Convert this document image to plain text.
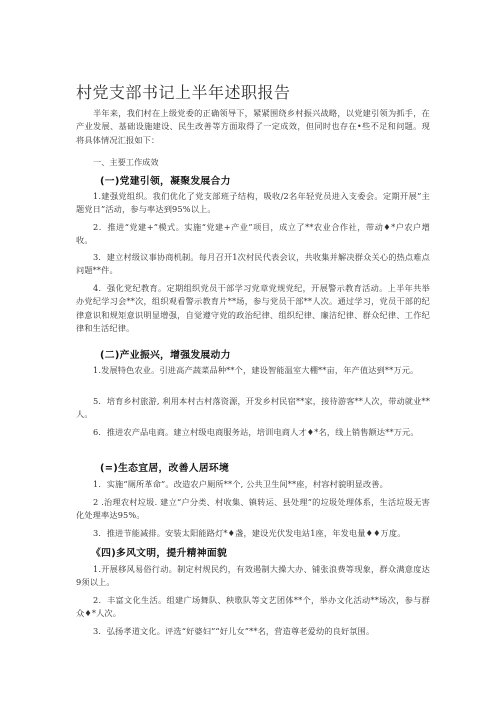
村党支部书记上半年述职报告
半年来，我们村在上级党委的正确领导下，紧紧围绕乡村振兴战略，以党建引领为抓手，在产业发展、基础设施建设、民生改善等方面取得了一定成效，但同时也存在•些不足和问题。现将具体情况汇报如下：
一、主要工作成效
(一)党建引领，凝聚发展合力
1.建强党组织。我们优化了党支部班子结构，吸收/2名年轻党员进入支委会。定期开展”主题党日”活动，参与率达到95%以上。
2．推进“党建+”模式。实施“党建+产业”项目，成立了**农业合作社，带动♦*户农户增收。
3．建立村级议事协商机制。每月召开1次村民代表会议，共收集并解决群众关心的热点难点问题**件。
4．强化党纪教育。定期组织党员干部学习党章党规党纪，开展警示教育活动。上半年共举办党纪学习会**次，组织观看警示教育片**场，参与党员干部**人次。通过学习，党员干部的纪律意识和规矩意识明显增强，自觉遵守党的政治纪律、组织纪律、廉洁纪律、群众纪律、工作纪律和生活纪律。
(二)产业振兴，增强发展动力
1.发展特色农业。引进高产蔬菜品种**个，建设智能温室大棚**亩，年产值达到**万元。
5．培育乡村旅游, 利用本村古村落资源，开发乡村民宿**家，接待游客**人次，带动就业**人。
6．推进农产品电商。建立村级电商服务站，培训电商人才♦*名，线上销售额达**万元。
(=)生态宜居，改善人居环境
1．实施“厕所革命”。改造农户厕所**个, 公共卫生间**座，村容村貌明显改善。
2 .治理农村垃圾. 建立“户分类、村收集、镇转运、县处理”的垃圾处理体系，生活垃圾无害化处理率达95%。
3．推进节能减排。安装太阳能路灯*♦盏，建设光伏发电站1座，年发电量♦♦万度。
《四)多风文明，提升精神面貌
1.开展移风易俗行动。制定村规民约，有效遏制大操大办、铺张浪费等现象，群众满意度达9须以上。
2．丰富文化生活。组建广场舞队、秧歌队等文艺团体**个，举办文化活动**场次，参与群众♦*人次。
3．弘扬孝道文化。评选“好婆妇”“好儿女”**名，营造尊老爱幼的良好氛围。
